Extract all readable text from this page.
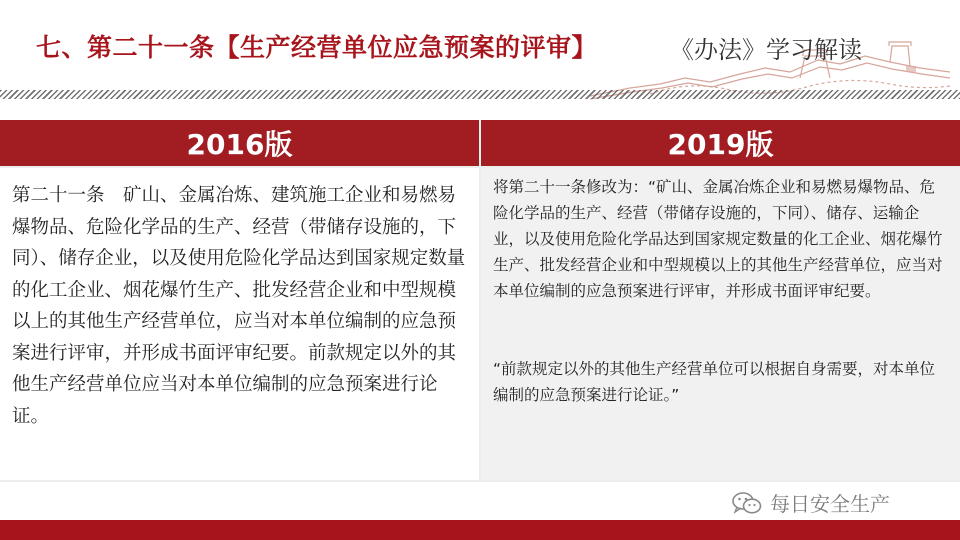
七、第二十一条【生产经营单位应急预案的评审】	《办法》学习解读
2016版	2019版

第二十一条　矿山、金属冶炼、建筑施工企业和易燃易爆物品、危险化学品的生产、经营（带储存设施的，下同）、储存企业，以及使用危险化学品达到国家规定数量的化工企业、烟花爆竹生产、批发经营企业和中型规模以上的其他生产经营单位，应当对本单位编制的应急预案进行评审，并形成书面评审纪要。前款规定以外的其他生产经营单位应当对本单位编制的应急预案进行论证。

将第二十一条修改为：“矿山、金属冶炼企业和易燃易爆物品、危险化学品的生产、经营（带储存设施的，下同）、储存、运输企业，以及使用危险化学品达到国家规定数量的化工企业、烟花爆竹生产、批发经营企业和中型规模以上的其他生产经营单位，应当对本单位编制的应急预案进行评审，并形成书面评审纪要。

“前款规定以外的其他生产经营单位可以根据自身需要，对本单位编制的应急预案进行论证。”

每日安全生产
